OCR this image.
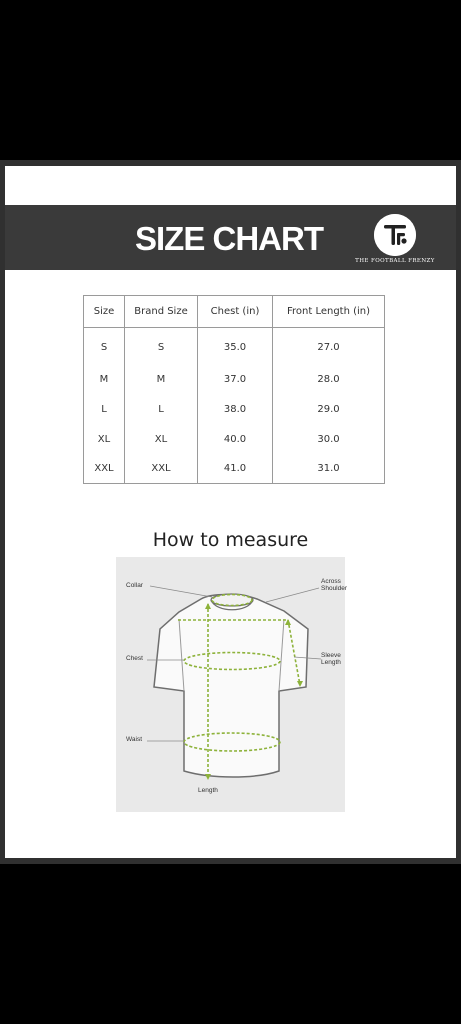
SIZE CHART
THE FOOTBALL FRENZY
Size	Brand Size	Chest (in)	Front Length (in)
S	S	35.0	27.0
M	M	37.0	28.0
L	L	38.0	29.0
XL	XL	40.0	30.0
XXL	XXL	41.0	31.0
How to measure
Collar
Across
Shoulder
Chest	Sleeve
Length
Waist
Length
